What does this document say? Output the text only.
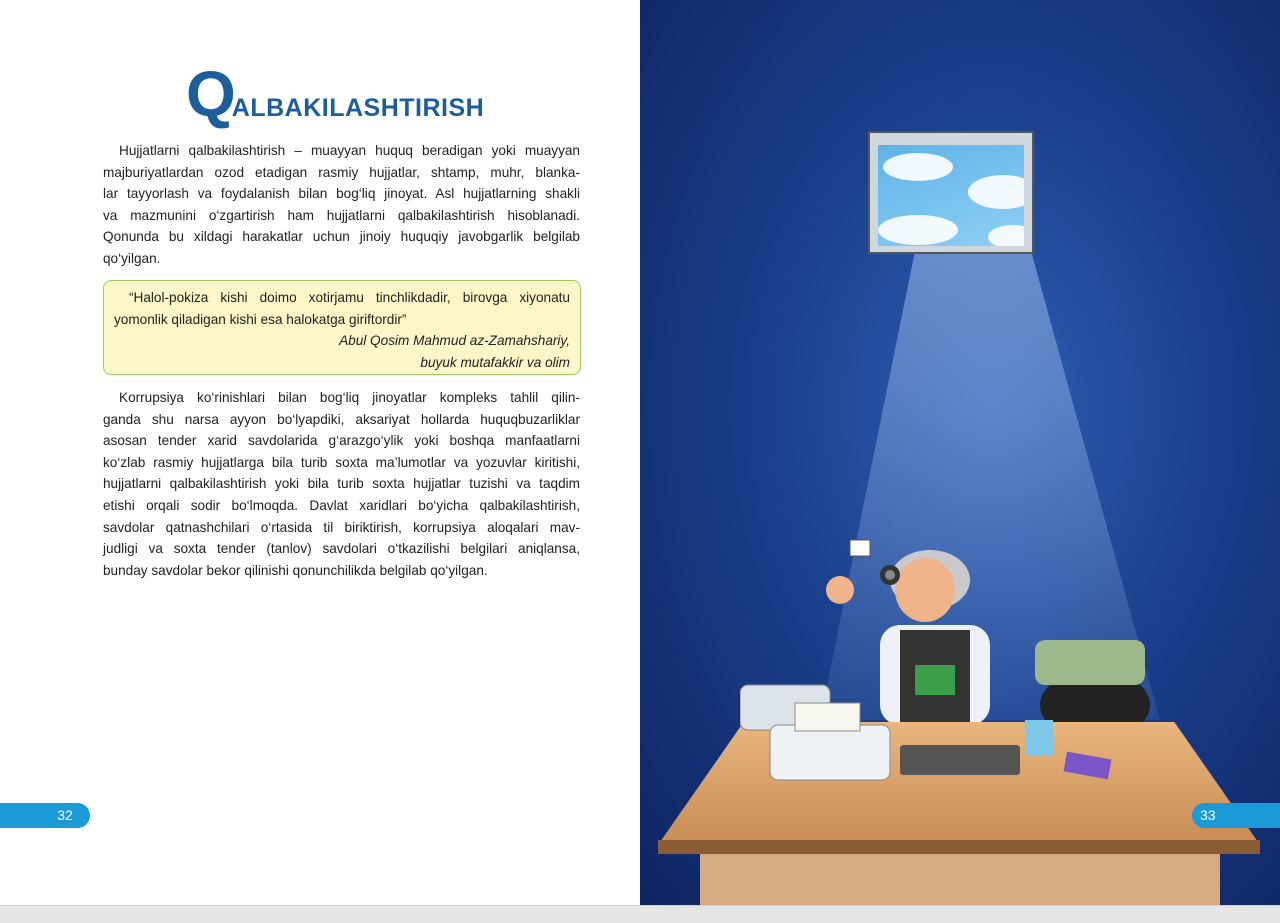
QALBAKILASHTIRISH
Hujjatlarni qalbakilashtirish – muayyan huquq beradigan yoki muayyan
majburiyatlardan ozod etadigan rasmiy hujjatlar, shtamp, muhr, blanka-
lar tayyorlash va foydalanish bilan bog‘liq jinoyat. Asl hujjatlarning shakli
va mazmunini o‘zgartirish ham hujjatlarni qalbakilashtirish hisoblanadi.
Qonunda bu xildagi harakatlar uchun jinoiy huquqiy javobgarlik belgilab
qo‘yilgan.
“Halol-pokiza kishi doimo xotirjamu tinchlikdadir, birovga xiyonatu
yomonlik qiladigan kishi esa halokatga giriftordir”
Abul Qosim Mahmud az-Zamahshariy,
buyuk mutafakkir va olim
Korrupsiya ko‘rinishlari bilan bog‘liq jinoyatlar kompleks tahlil qilin-
ganda shu narsa ayyon bo‘lyapdiki, aksariyat hollarda huquqbuzarliklar
asosan tender xarid savdolarida g‘arazgo‘ylik yoki boshqa manfaatlarni
ko‘zlab rasmiy hujjatlarga bila turib soxta ma’lumotlar va yozuvlar kiritishi,
hujjatlarni qalbakilashtirish yoki bila turib soxta hujjatlar tuzishi va taqdim
etishi orqali sodir bo‘lmoqda. Davlat xaridlari bo‘yicha qalbakilashtirish,
savdolar qatnashchilari o‘rtasida til biriktirish, korrupsiya aloqalari mav-
judligi va soxta tender (tanlov) savdolari o‘tkazilishi belgilari aniqlansa,
bunday savdolar bekor qilinishi qonunchilikda belgilab qo‘yilgan.
32	33
